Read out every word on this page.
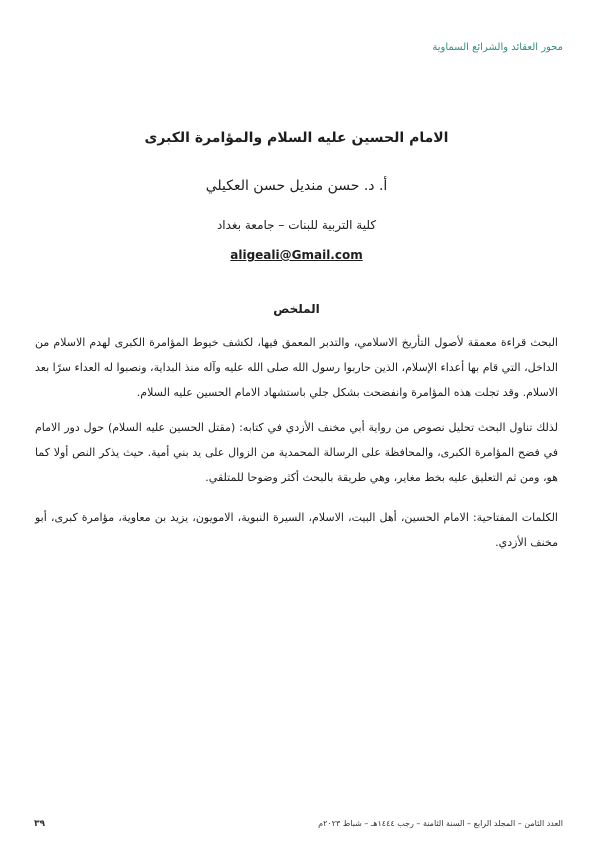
محور العقائد والشرائع السماوية
الامام الحسين عليه السلام والمؤامرة الكبرى
أ. د. حسن منديل حسن العكيلي
كلية التربية للبنات – جامعة بغداد
aligeali@Gmail.com
الملخص

البحث قراءة معمقة لأصول التأريخ الاسلامي، والتدبر المعمق فيها، لكشف خيوط المؤامرة الكبرى لهدم الاسلام من الداخل، التي قام بها أعداء الإسلام، الذين حاربوا رسول الله صلى الله عليه وآله منذ البداية، ونصبوا له العداء سرًا بعد الاسلام. وقد تجلت هذه المؤامرة وانفضحت بشكل جلي باستشهاد الامام الحسين عليه السلام.

لذلك تناول البحث تحليل نصوص من رواية أبي مخنف الأزدي في كتابه: (مقتل الحسين عليه السلام) حول دور الامام في فضح المؤامرة الكبرى، والمحافظة على الرسالة المحمدية من الزوال على يد بني أمية. حيث يذكر النص أولا كما هو، ومن ثم التعليق عليه بخط مغاير، وهي طريقة بالبحث أكثر وضوحا للمتلقي.

الكلمات المفتاحية: الامام الحسين، أهل البيت، الاسلام، السيرة النبوية، الامويون، يزيد بن معاوية، مؤامرة كبرى، أبو مخنف الأزدي.
العدد الثامن – المجلد الرابع – السنة الثامنة – رجب ١٤٤٤هـ – شباط ٢٠٢٣م
٣٩
